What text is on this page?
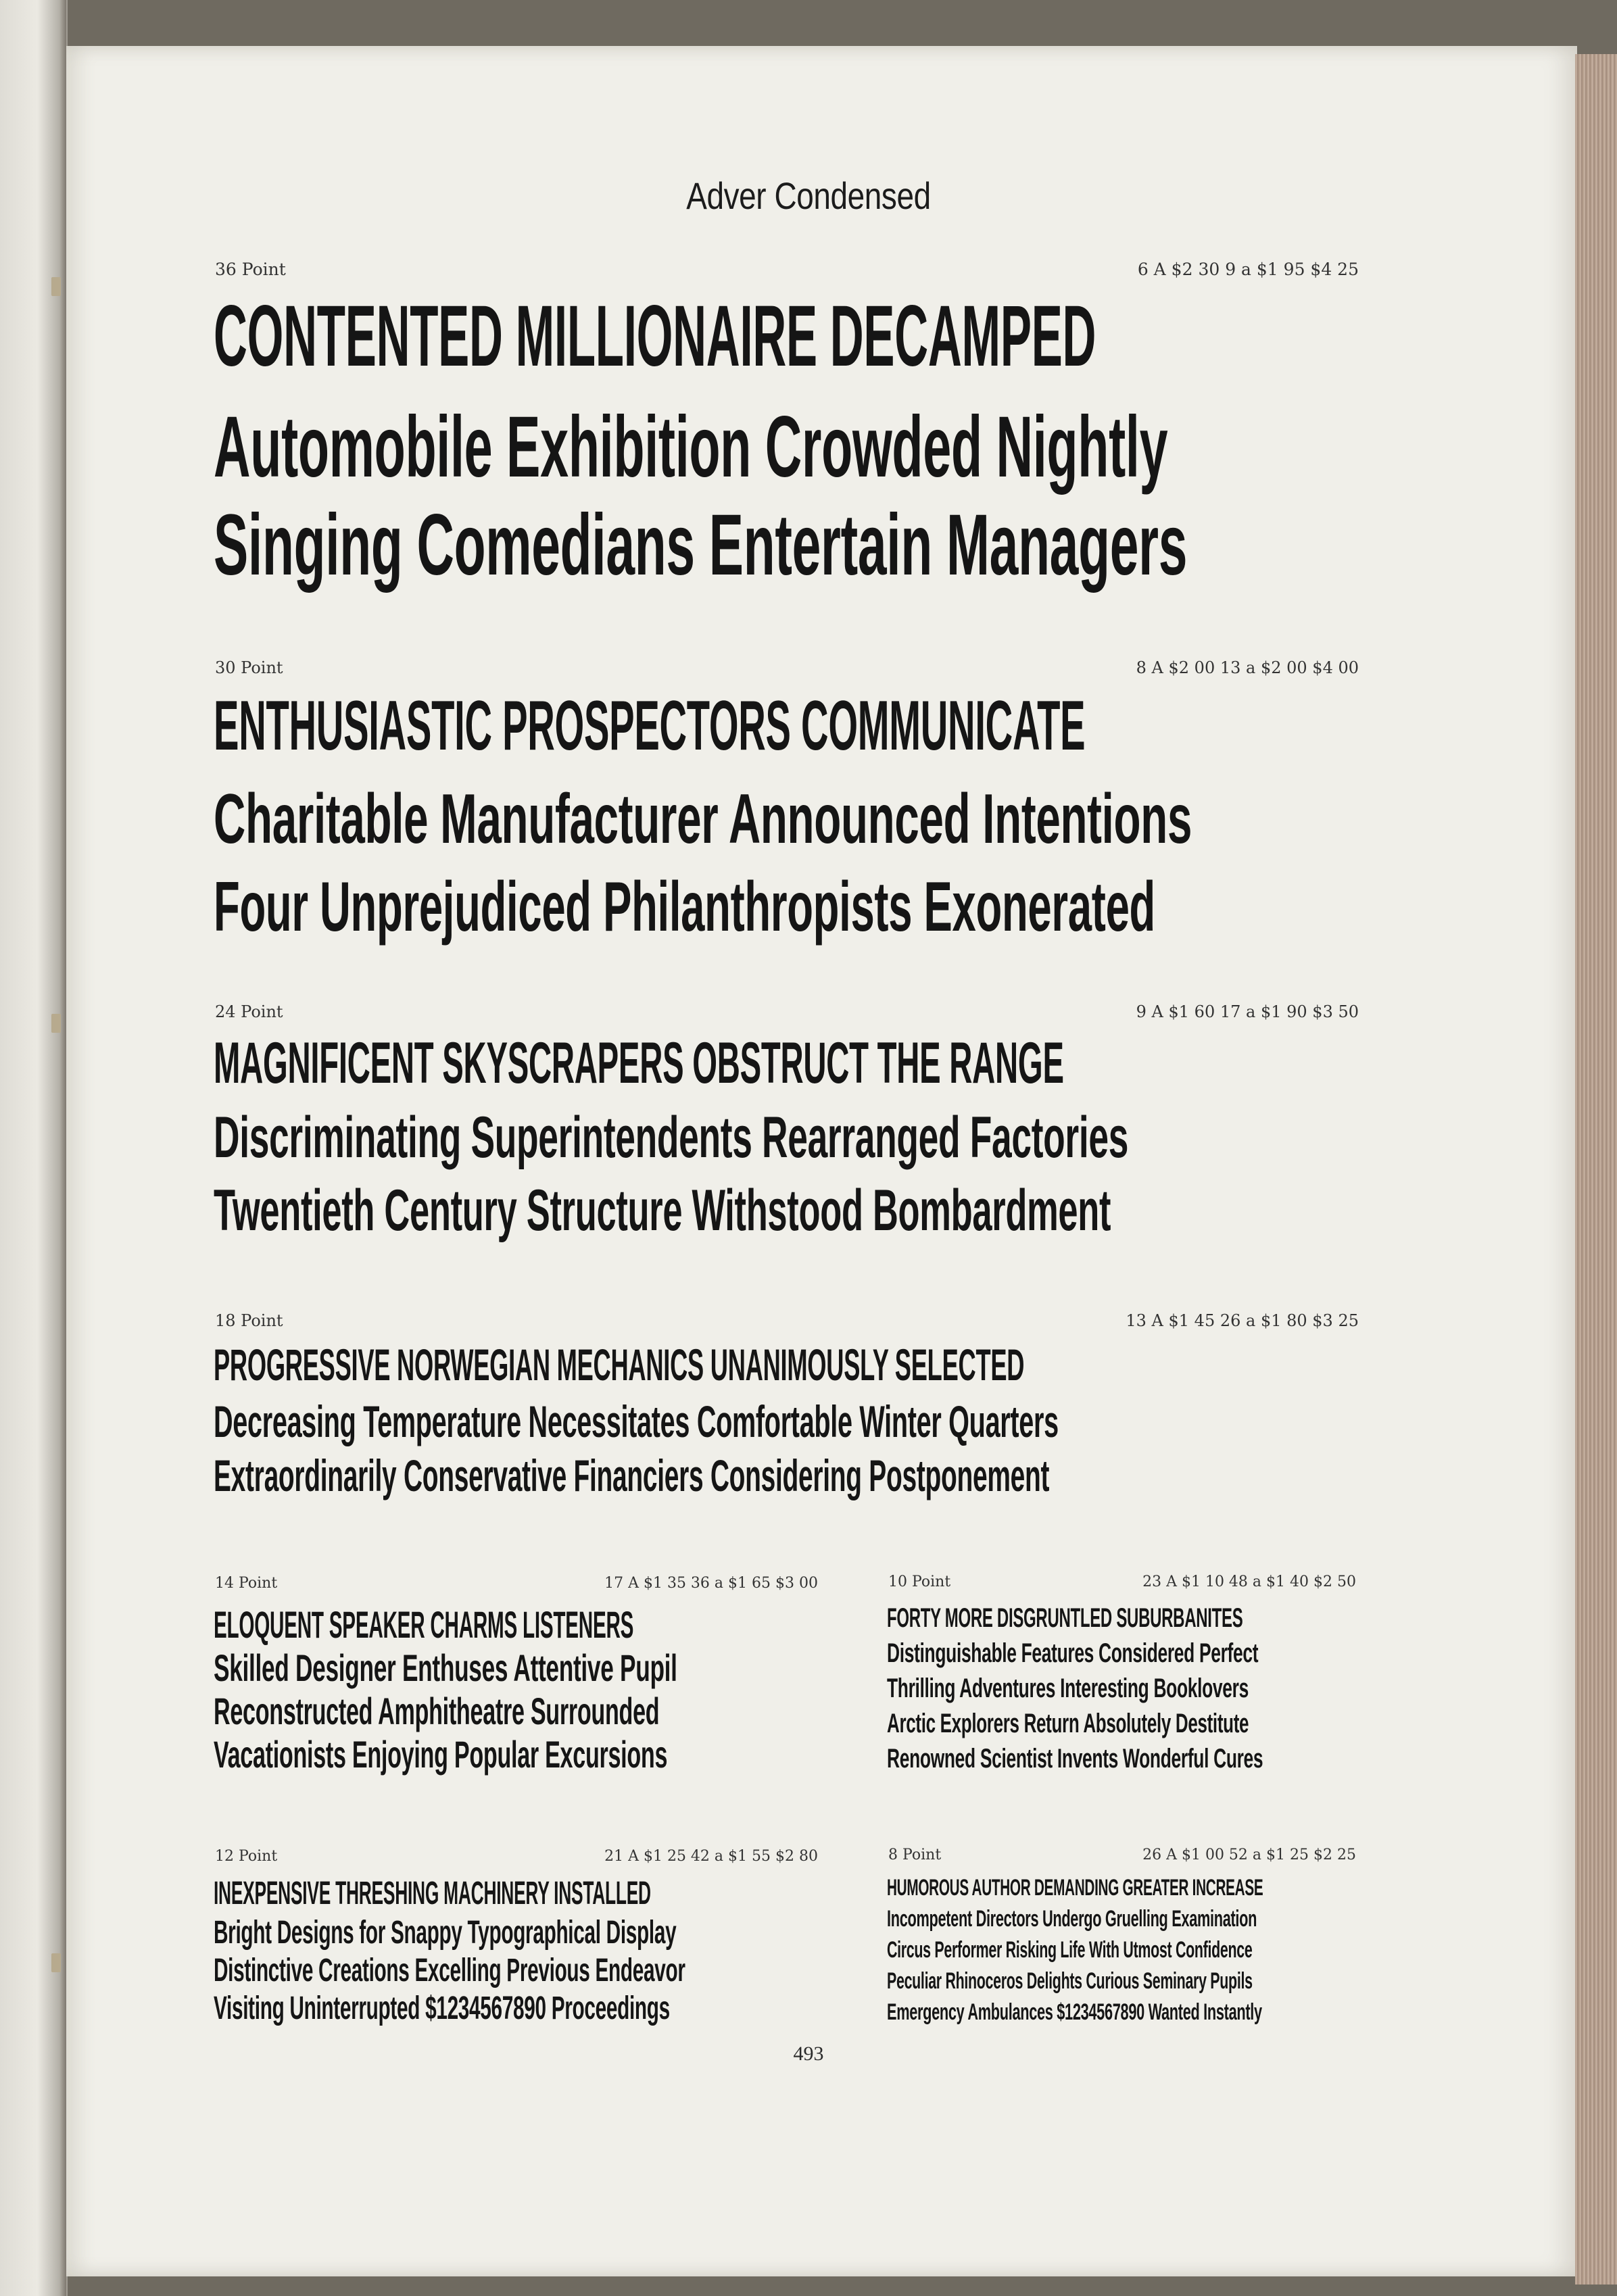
Adver Condensed
36 Point	6 A $2 30 9 a $1 95 $4 25
CONTENTED MILLIONAIRE DECAMPED
Automobile Exhibition Crowded Nightly
Singing Comedians Entertain Managers
30 Point	8 A $2 00 13 a $2 00 $4 00
ENTHUSIASTIC PROSPECTORS COMMUNICATE
Charitable Manufacturer Announced Intentions
Four Unprejudiced Philanthropists Exonerated
24 Point	9 A $1 60 17 a $1 90 $3 50
MAGNIFICENT SKYSCRAPERS OBSTRUCT THE RANGE
Discriminating Superintendents Rearranged Factories
Twentieth Century Structure Withstood Bombardment
18 Point	13 A $1 45 26 a $1 80 $3 25
PROGRESSIVE NORWEGIAN MECHANICS UNANIMOUSLY SELECTED
Decreasing Temperature Necessitates Comfortable Winter Quarters
Extraordinarily Conservative Financiers Considering Postponement
14 Point	17 A $1 35 36 a $1 65 $3 00
ELOQUENT SPEAKER CHARMS LISTENERS
Skilled Designer Enthuses Attentive Pupil
Reconstructed Amphitheatre Surrounded
Vacationists Enjoying Popular Excursions
10 Point	23 A $1 10 48 a $1 40 $2 50
FORTY MORE DISGRUNTLED SUBURBANITES
Distinguishable Features Considered Perfect
Thrilling Adventures Interesting Booklovers
Arctic Explorers Return Absolutely Destitute
Renowned Scientist Invents Wonderful Cures
12 Point	21 A $1 25 42 a $1 55 $2 80
INEXPENSIVE THRESHING MACHINERY INSTALLED
Bright Designs for Snappy Typographical Display
Distinctive Creations Excelling Previous Endeavor
Visiting Uninterrupted $1234567890 Proceedings
8 Point	26 A $1 00 52 a $1 25 $2 25
HUMOROUS AUTHOR DEMANDING GREATER INCREASE
Incompetent Directors Undergo Gruelling Examination
Circus Performer Risking Life With Utmost Confidence
Peculiar Rhinoceros Delights Curious Seminary Pupils
Emergency Ambulances $1234567890 Wanted Instantly
493
